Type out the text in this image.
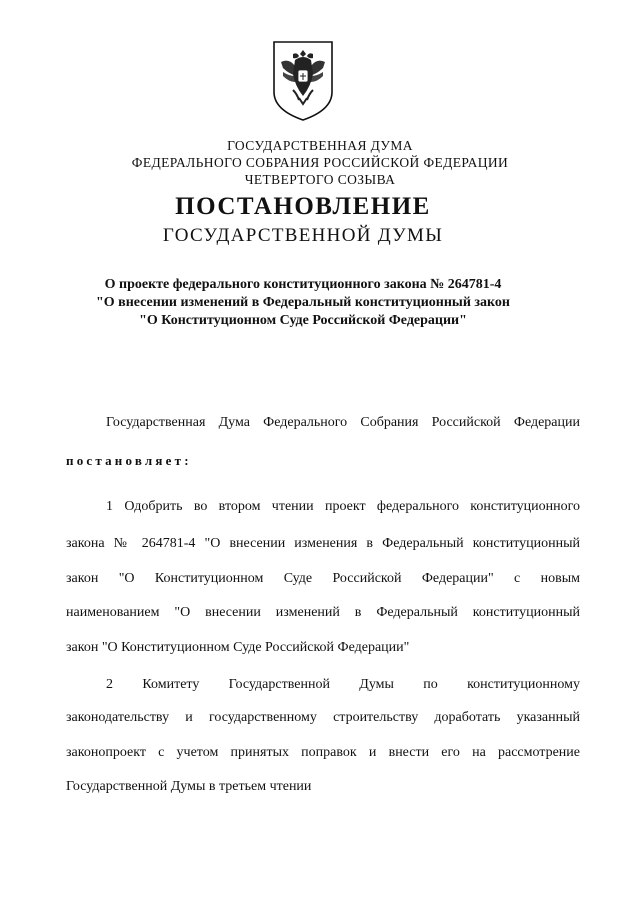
ГОСУДАРСТВЕННАЯ ДУМА
ФЕДЕРАЛЬНОГО СОБРАНИЯ РОССИЙСКОЙ ФЕДЕРАЦИИ
ЧЕТВЕРТОГО СОЗЫВА
ПОСТАНОВЛЕНИЕ
ГОСУДАРСТВЕННОЙ ДУМЫ
О проекте федерального конституционного закона № 264781-4
"О внесении изменений в Федеральный конституционный закон
"О Конституционном Суде Российской Федерации"
Государственная Дума Федерального Собрания Российской Федерации
постановляет:
1 Одобрить во втором чтении проект федерального конституционного
закона № 264781-4 "О внесении изменения в Федеральный конституционный
закон "О Конституционном Суде Российской Федерации" с новым
наименованием "О внесении изменений в Федеральный конституционный
закон "О Конституционном Суде Российской Федерации"
2 Комитету Государственной Думы по конституционному
законодательству и государственному строительству доработать указанный
законопроект с учетом принятых поправок и внести его на рассмотрение
Государственной Думы в третьем чтении
